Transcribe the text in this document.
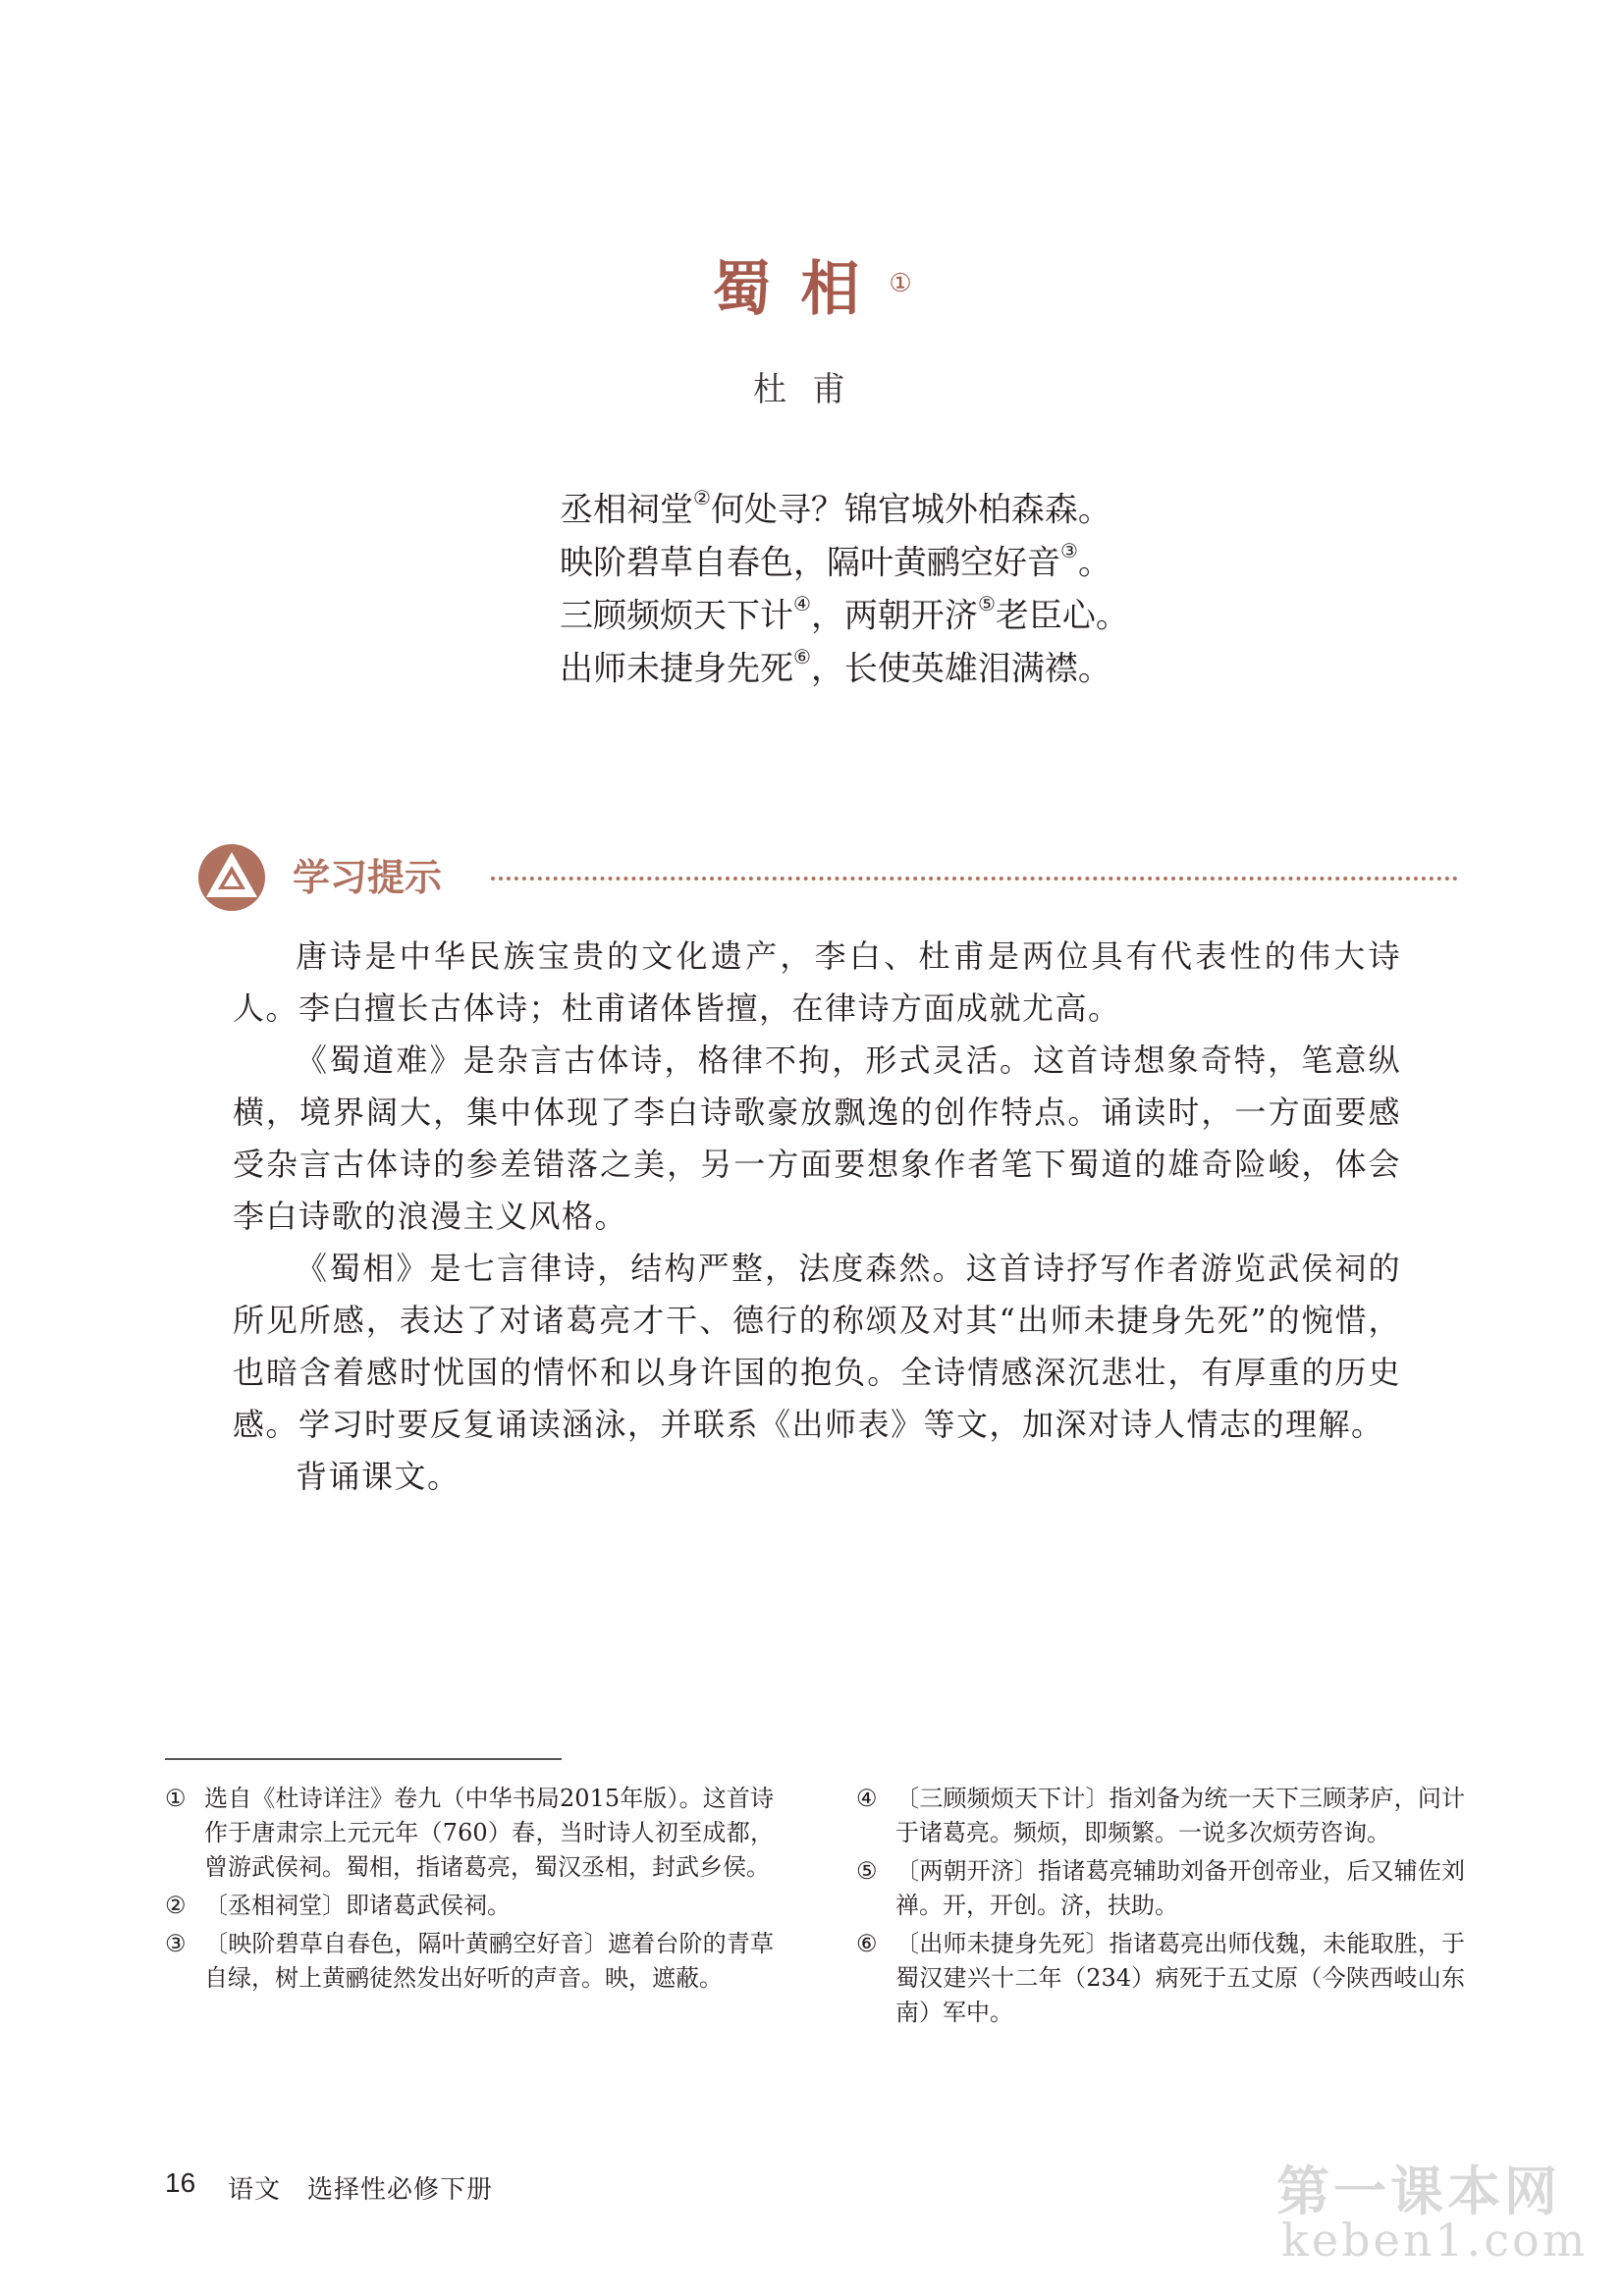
蜀相①
杜甫
丞相祠堂②何处寻？锦官城外柏森森。
映阶碧草自春色，隔叶黄鹂空好音③。
三顾频烦天下计④，两朝开济⑤老臣心。
出师未捷身先死⑥，长使英雄泪满襟。
学习提示

唐诗是中华民族宝贵的文化遗产，李白、杜甫是两位具有代表性的伟大诗人。李白擅长古体诗；杜甫诸体皆擅，在律诗方面成就尤高。

《蜀道难》是杂言古体诗，格律不拘，形式灵活。这首诗想象奇特，笔意纵横，境界阔大，集中体现了李白诗歌豪放飘逸的创作特点。诵读时，一方面要感受杂言古体诗的参差错落之美，另一方面要想象作者笔下蜀道的雄奇险峻，体会李白诗歌的浪漫主义风格。

《蜀相》是七言律诗，结构严整，法度森然。这首诗抒写作者游览武侯祠的所见所感，表达了对诸葛亮才干、德行的称颂及对其“出师未捷身先死”的惋惜，也暗含着感时忧国的情怀和以身许国的抱负。全诗情感深沉悲壮，有厚重的历史感。学习时要反复诵读涵泳，并联系《出师表》等文，加深对诗人情志的理解。

背诵课文。

① 选自《杜诗详注》卷九（中华书局2015年版）。这首诗作于唐肃宗上元元年（760）春，当时诗人初至成都，曾游武侯祠。蜀相，指诸葛亮，蜀汉丞相，封武乡侯。

② 〔丞相祠堂〕即诸葛武侯祠。

③ 〔映阶碧草自春色，隔叶黄鹂空好音〕遮着台阶的青草自绿，树上黄鹂徒然发出好听的声音。映，遮蔽。

④ 〔三顾频烦天下计〕指刘备为统一天下三顾茅庐，问计于诸葛亮。频烦，即频繁。一说多次烦劳咨询。

⑤ 〔两朝开济〕指诸葛亮辅助刘备开创帝业，后又辅佐刘禅。开，开创。济，扶助。

⑥ 〔出师未捷身先死〕指诸葛亮出师伐魏，未能取胜，于蜀汉建兴十二年（234）病死于五丈原（今陕西岐山东南）军中。

16 语文　选择性必修下册	第一课本网
keben1.com
